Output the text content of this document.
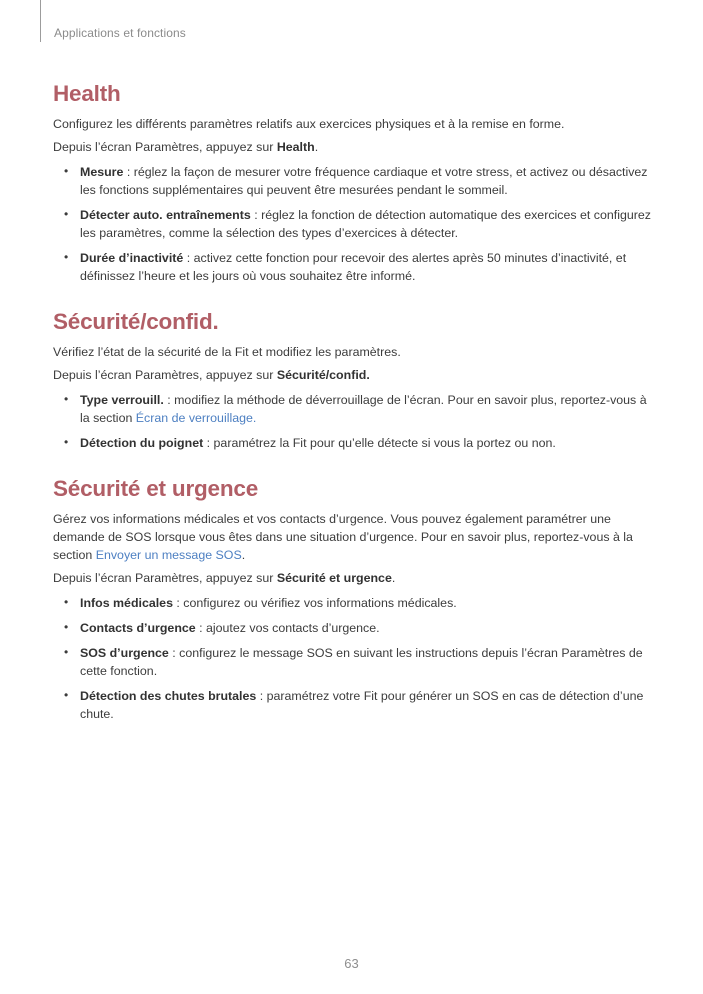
Applications et fonctions
Health

Configurez les différents paramètres relatifs aux exercices physiques et à la remise en forme.

Depuis l’écran Paramètres, appuyez sur Health.

• Mesure : réglez la façon de mesurer votre fréquence cardiaque et votre stress, et activez ou désactivez les fonctions supplémentaires qui peuvent être mesurées pendant le sommeil.
• Détecter auto. entraînements : réglez la fonction de détection automatique des exercices et configurez les paramètres, comme la sélection des types d’exercices à détecter.
• Durée d’inactivité : activez cette fonction pour recevoir des alertes après 50 minutes d’inactivité, et définissez l’heure et les jours où vous souhaitez être informé.
Sécurité/confid.

Vérifiez l’état de la sécurité de la Fit et modifiez les paramètres.

Depuis l’écran Paramètres, appuyez sur Sécurité/confid.

• Type verrouill. : modifiez la méthode de déverrouillage de l’écran. Pour en savoir plus, reportez-vous à la section Écran de verrouillage.
• Détection du poignet : paramétrez la Fit pour qu’elle détecte si vous la portez ou non.
Sécurité et urgence

Gérez vos informations médicales et vos contacts d’urgence. Vous pouvez également paramétrer une demande de SOS lorsque vous êtes dans une situation d’urgence. Pour en savoir plus, reportez-vous à la section Envoyer un message SOS.

Depuis l’écran Paramètres, appuyez sur Sécurité et urgence.

• Infos médicales : configurez ou vérifiez vos informations médicales.
• Contacts d’urgence : ajoutez vos contacts d’urgence.
• SOS d’urgence : configurez le message SOS en suivant les instructions depuis l’écran Paramètres de cette fonction.
• Détection des chutes brutales : paramétrez votre Fit pour générer un SOS en cas de détection d’une chute.
63
